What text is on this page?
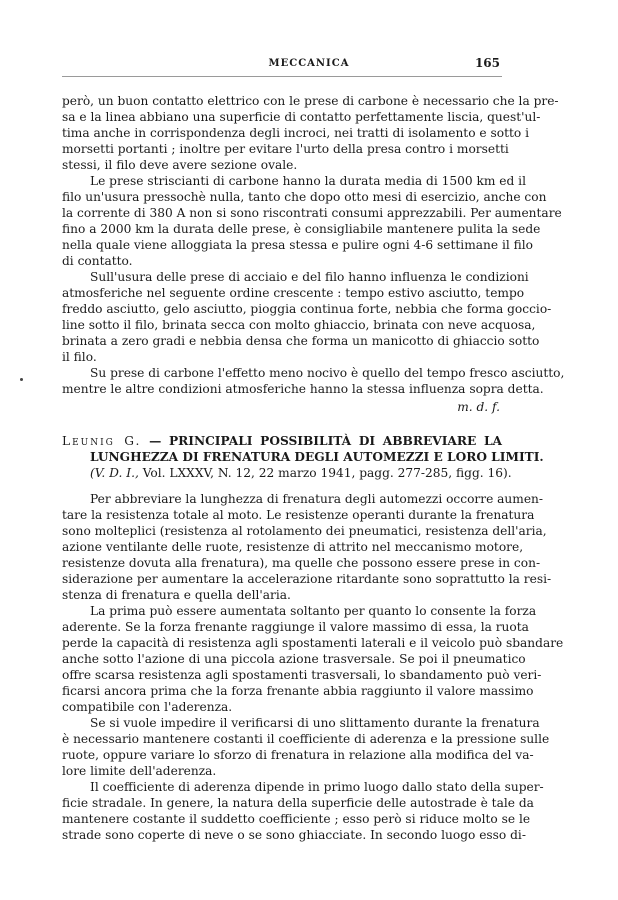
MECCANICA	165
però, un buon contatto elettrico con le prese di carbone è necessario che la pre-
sa e la linea abbiano una superficie di contatto perfettamente liscia, quest'ul-
tima anche in corrispondenza degli incroci, nei tratti di isolamento e sotto i
morsetti portanti ; inoltre per evitare l'urto della presa contro i morsetti
stessi, il filo deve avere sezione ovale.
Le prese striscianti di carbone hanno la durata media di 1500 km ed il
filo un'usura pressochè nulla, tanto che dopo otto mesi di esercizio, anche con
la corrente di 380 A non si sono riscontrati consumi apprezzabili. Per aumentare
fino a 2000 km la durata delle prese, è consigliabile mantenere pulita la sede
nella quale viene alloggiata la presa stessa e pulire ogni 4-6 settimane il filo
di contatto.
Sull'usura delle prese di acciaio e del filo hanno influenza le condizioni
atmosferiche nel seguente ordine crescente : tempo estivo asciutto, tempo
freddo asciutto, gelo asciutto, pioggia continua forte, nebbia che forma goccio-
line sotto il filo, brinata secca con molto ghiaccio, brinata con neve acquosa,
brinata a zero gradi e nebbia densa che forma un manicotto di ghiaccio sotto
il filo.
Su prese di carbone l'effetto meno nocivo è quello del tempo fresco asciutto,
mentre le altre condizioni atmosferiche hanno la stessa influenza sopra detta.
m. d. f.
Leunig G. — PRINCIPALI POSSIBILITÀ DI ABBREVIARE LA
LUNGHEZZA DI FRENATURA DEGLI AUTOMEZZI E LORO LIMITI.
(V. D. I., Vol. LXXXV, N. 12, 22 marzo 1941, pagg. 277-285, figg. 16).
Per abbreviare la lunghezza di frenatura degli automezzi occorre aumen-
tare la resistenza totale al moto. Le resistenze operanti durante la frenatura
sono molteplici (resistenza al rotolamento dei pneumatici, resistenza dell'aria,
azione ventilante delle ruote, resistenze di attrito nel meccanismo motore,
resistenze dovuta alla frenatura), ma quelle che possono essere prese in con-
siderazione per aumentare la accelerazione ritardante sono soprattutto la resi-
stenza di frenatura e quella dell'aria.
La prima può essere aumentata soltanto per quanto lo consente la forza
aderente. Se la forza frenante raggiunge il valore massimo di essa, la ruota
perde la capacità di resistenza agli spostamenti laterali e il veicolo può sbandare
anche sotto l'azione di una piccola azione trasversale. Se poi il pneumatico
offre scarsa resistenza agli spostamenti trasversali, lo sbandamento può veri-
ficarsi ancora prima che la forza frenante abbia raggiunto il valore massimo
compatibile con l'aderenza.
Se si vuole impedire il verificarsi di uno slittamento durante la frenatura
è necessario mantenere costanti il coefficiente di aderenza e la pressione sulle
ruote, oppure variare lo sforzo di frenatura in relazione alla modifica del va-
lore limite dell'aderenza.
Il coefficiente di aderenza dipende in primo luogo dallo stato della super-
ficie stradale. In genere, la natura della superficie delle autostrade è tale da
mantenere costante il suddetto coefficiente ; esso però si riduce molto se le
strade sono coperte di neve o se sono ghiacciate. In secondo luogo esso di-
